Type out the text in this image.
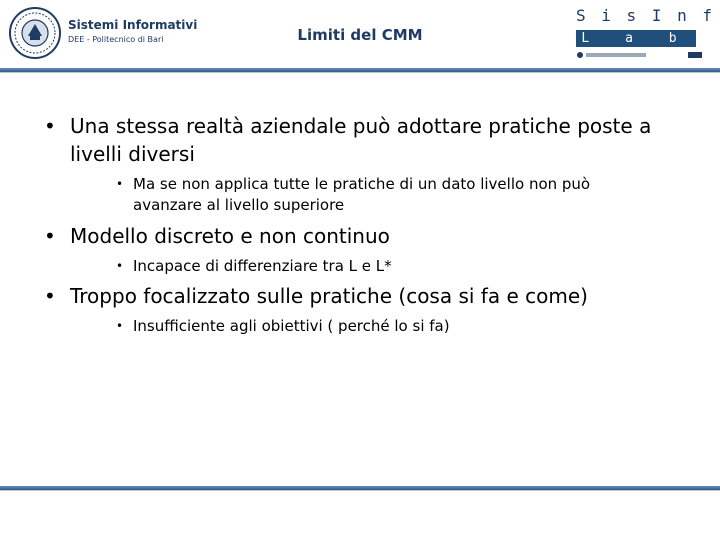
Sistemi Informativi
DEE - Politecnico di Bari	Limiti del CMM
S i s I n f
L a b
• Una stessa realtà aziendale può adottare pratiche poste a livelli diversi
• Ma se non applica tutte le pratiche di un dato livello non può avanzare al livello superiore
• Modello discreto e non continuo
• Incapace di differenziare tra L e L*
• Troppo focalizzato sulle pratiche (cosa si fa e come)
• Insufficiente agli obiettivi ( perché lo si fa)
